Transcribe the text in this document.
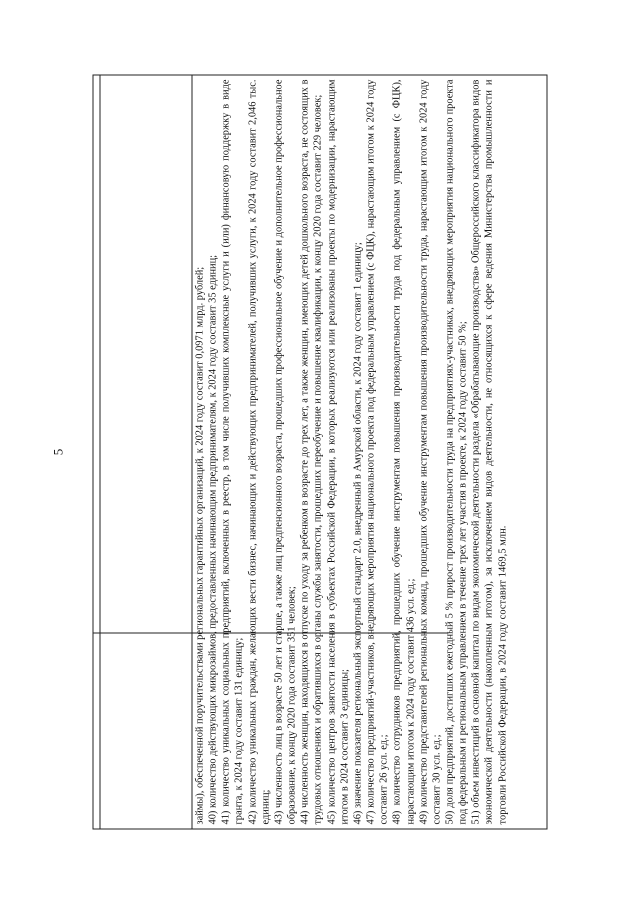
5	займы), обеспеченной поручительствами региональных гарантийных организаций, к 2024 году составит 0,0971 млрд. рублей; 40) количество действующих микрозаймов, предоставленных начинающим предпринимателям, к 2024 году составит 35 единиц; 41) количество уникальных социальных предприятий, включенных в реестр, в том числе получивших комплексные услуги и (или) финансовую поддержку в виде гранта, к 2024 году составит 131 единицу; 42) количество уникальных граждан, желающих вести бизнес, начинающих и действующих предпринимателей, получивших услуги, к 2024 году составит 2,046 тыс. единиц; 43) численность лиц в возрасте 50 лет и старше, а также лиц предпенсионного возраста, прошедших профессиональное обучение и дополнительное профессиональное образование, к концу 2020 года составит 351 человек; 44) численность женщин, находящихся в отпуске по уходу за ребенком в возрасте до трех лет, а также женщин, имеющих детей дошкольного возраста, не состоящих в трудовых отношениях и обратившихся в органы службы занятости, прошедших переобучение и повышение квалификации, к концу 2020 года составит 229 человек; 45) количество центров занятости населения в субъектах Российской Федерации, в которых реализуются или реализованы проекты по модернизации, нарастающим итогом в 2024 составит 3 единицы; 46) значение показателя региональный экспортный стандарт 2.0, внедренный в Амурской области, к 2024 году составит 1 единицу; 47) количество предприятий-участников, внедряющих мероприятия национального проекта под федеральным управлением (с ФЦК), нарастающим итогом к 2024 году составит 26 усл. ед.; 48) количество сотрудников предприятий, прошедших обучение инструментам повышения производительности труда под федеральным управлением (с ФЦК), нарастающим итогом к 2024 году составит 436 усл. ед.; 49) количество представителей региональных команд, прошедших обучение инструментам повышения производительности труда, нарастающим итогом к 2024 году составит 30 усл. ед.; 50) доля предприятий, достигших ежегодный 5 % прирост производительности труда на предприятиях-участниках, внедряющих мероприятия национального проекта под федеральным и региональным управлением в течение трех лет участия в проекте, к 2024 году составит 50 %; 51) объем инвестиций в основной капитал по видам экономической деятельности раздела «Обрабатывающие производства» Общероссийского классификатора видов экономической деятельности (накопленным итогом), за исключением видов деятельности, не относящихся к сфере ведения Министерства промышленности и торговли Российской Федерации, в 2024 году составит 1469,5 млн.
